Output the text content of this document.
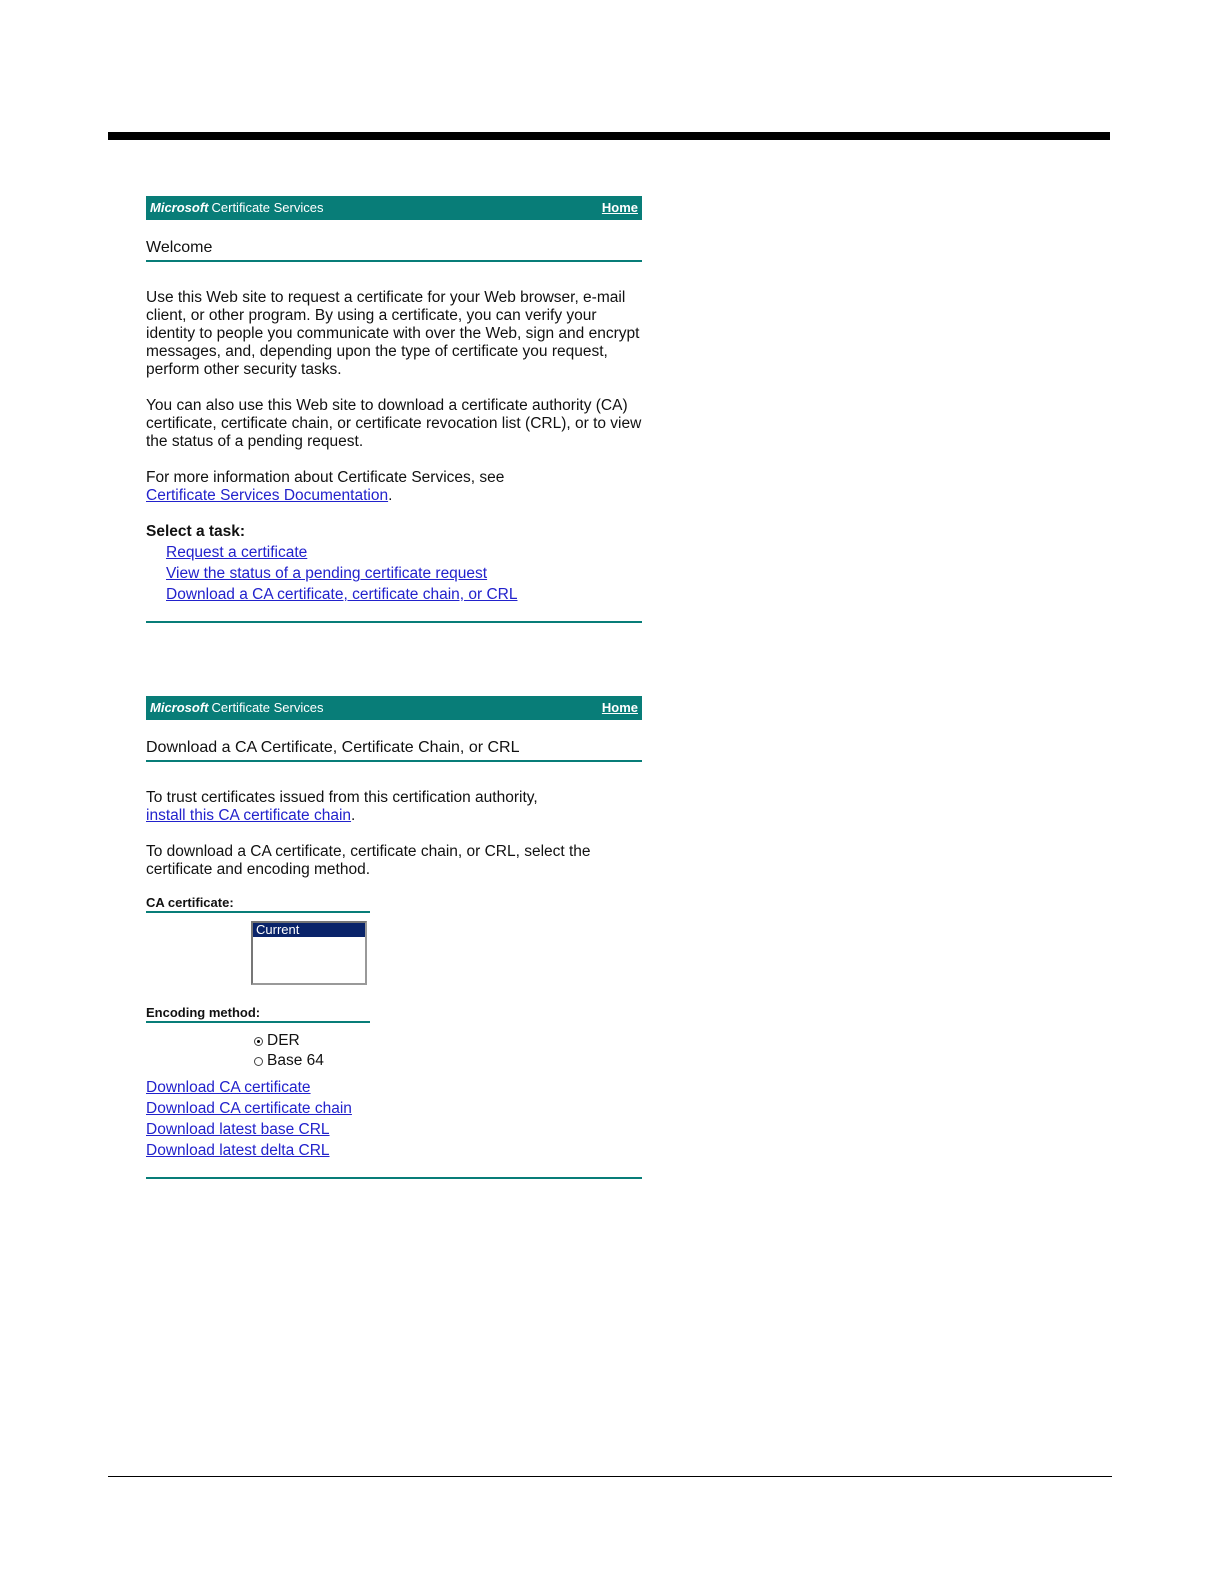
Microsoft Certificate Services	Home
Welcome

Use this Web site to request a certificate for your Web browser, e-mail client, or other program. By using a certificate, you can verify your identity to people you communicate with over the Web, sign and encrypt messages, and, depending upon the type of certificate you request, perform other security tasks.

You can also use this Web site to download a certificate authority (CA) certificate, certificate chain, or certificate revocation list (CRL), or to view the status of a pending request.

For more information about Certificate Services, see
Certificate Services Documentation.

Select a task:
Request a certificate
View the status of a pending certificate request
Download a CA certificate, certificate chain, or CRL
Microsoft Certificate Services	Home
Download a CA Certificate, Certificate Chain, or CRL

To trust certificates issued from this certification authority,
install this CA certificate chain.

To download a CA certificate, certificate chain, or CRL, select the certificate and encoding method.

CA certificate:
Current
Encoding method:
DER
Base 64
Download CA certificate
Download CA certificate chain
Download latest base CRL
Download latest delta CRL
